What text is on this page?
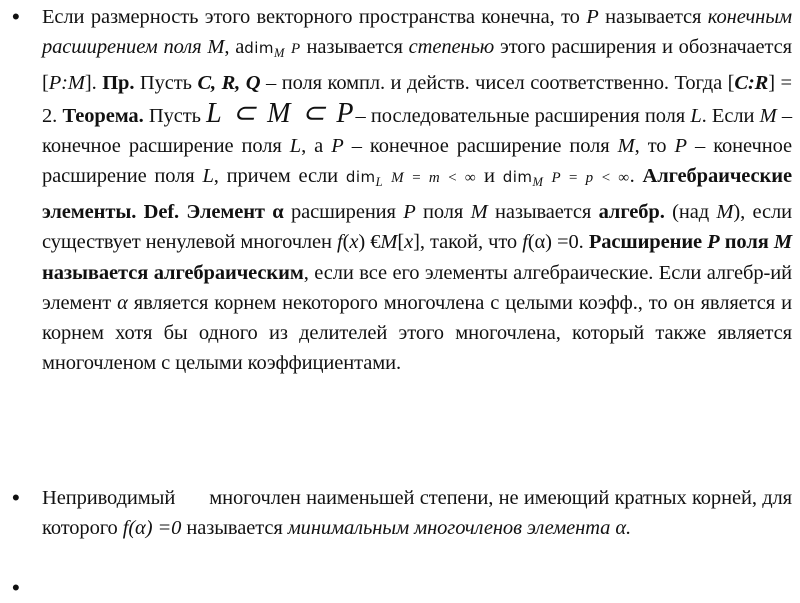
•	Если размерность этого векторного пространства конечна, то P называется конечным расширением поля M, аdim$_M$ P называется степенью этого расширения и обозначается [P:M]. Пр. Пусть C, R, Q – поля компл. и действ. чисел соответственно. Тогда [C:R] = 2. Теорема. Пусть L ⊂ M ⊂ P– последовательные расширения поля L. Если M – конечное расширение поля L, а P – конечное расширение поля M, то P – конечное расширение поля L, причем если dim$_L$ M = m < ∞ и dim$_M$ P = p < ∞. Алгебраические элементы. Def. Элемент α расширения P поля M называется алгебр. (над M), если существует ненулевой многочлен f(x) €M[x], такой, что f(α) =0. Расширение P поля M называется алгебраическим, если все его элементы алгебраические. Если алгебр-ий элемент α является корнем некоторого многочлена с целыми коэфф., то он является и корнем хотя бы одного из делителей этого многочлена, который также является многочленом с целыми коэффициентами.
•	Неприводимый многочлен наименьшей степени, не имеющий кратных корней, для которого f(α) =0 называется минимальным многочленов элемента α.
•
